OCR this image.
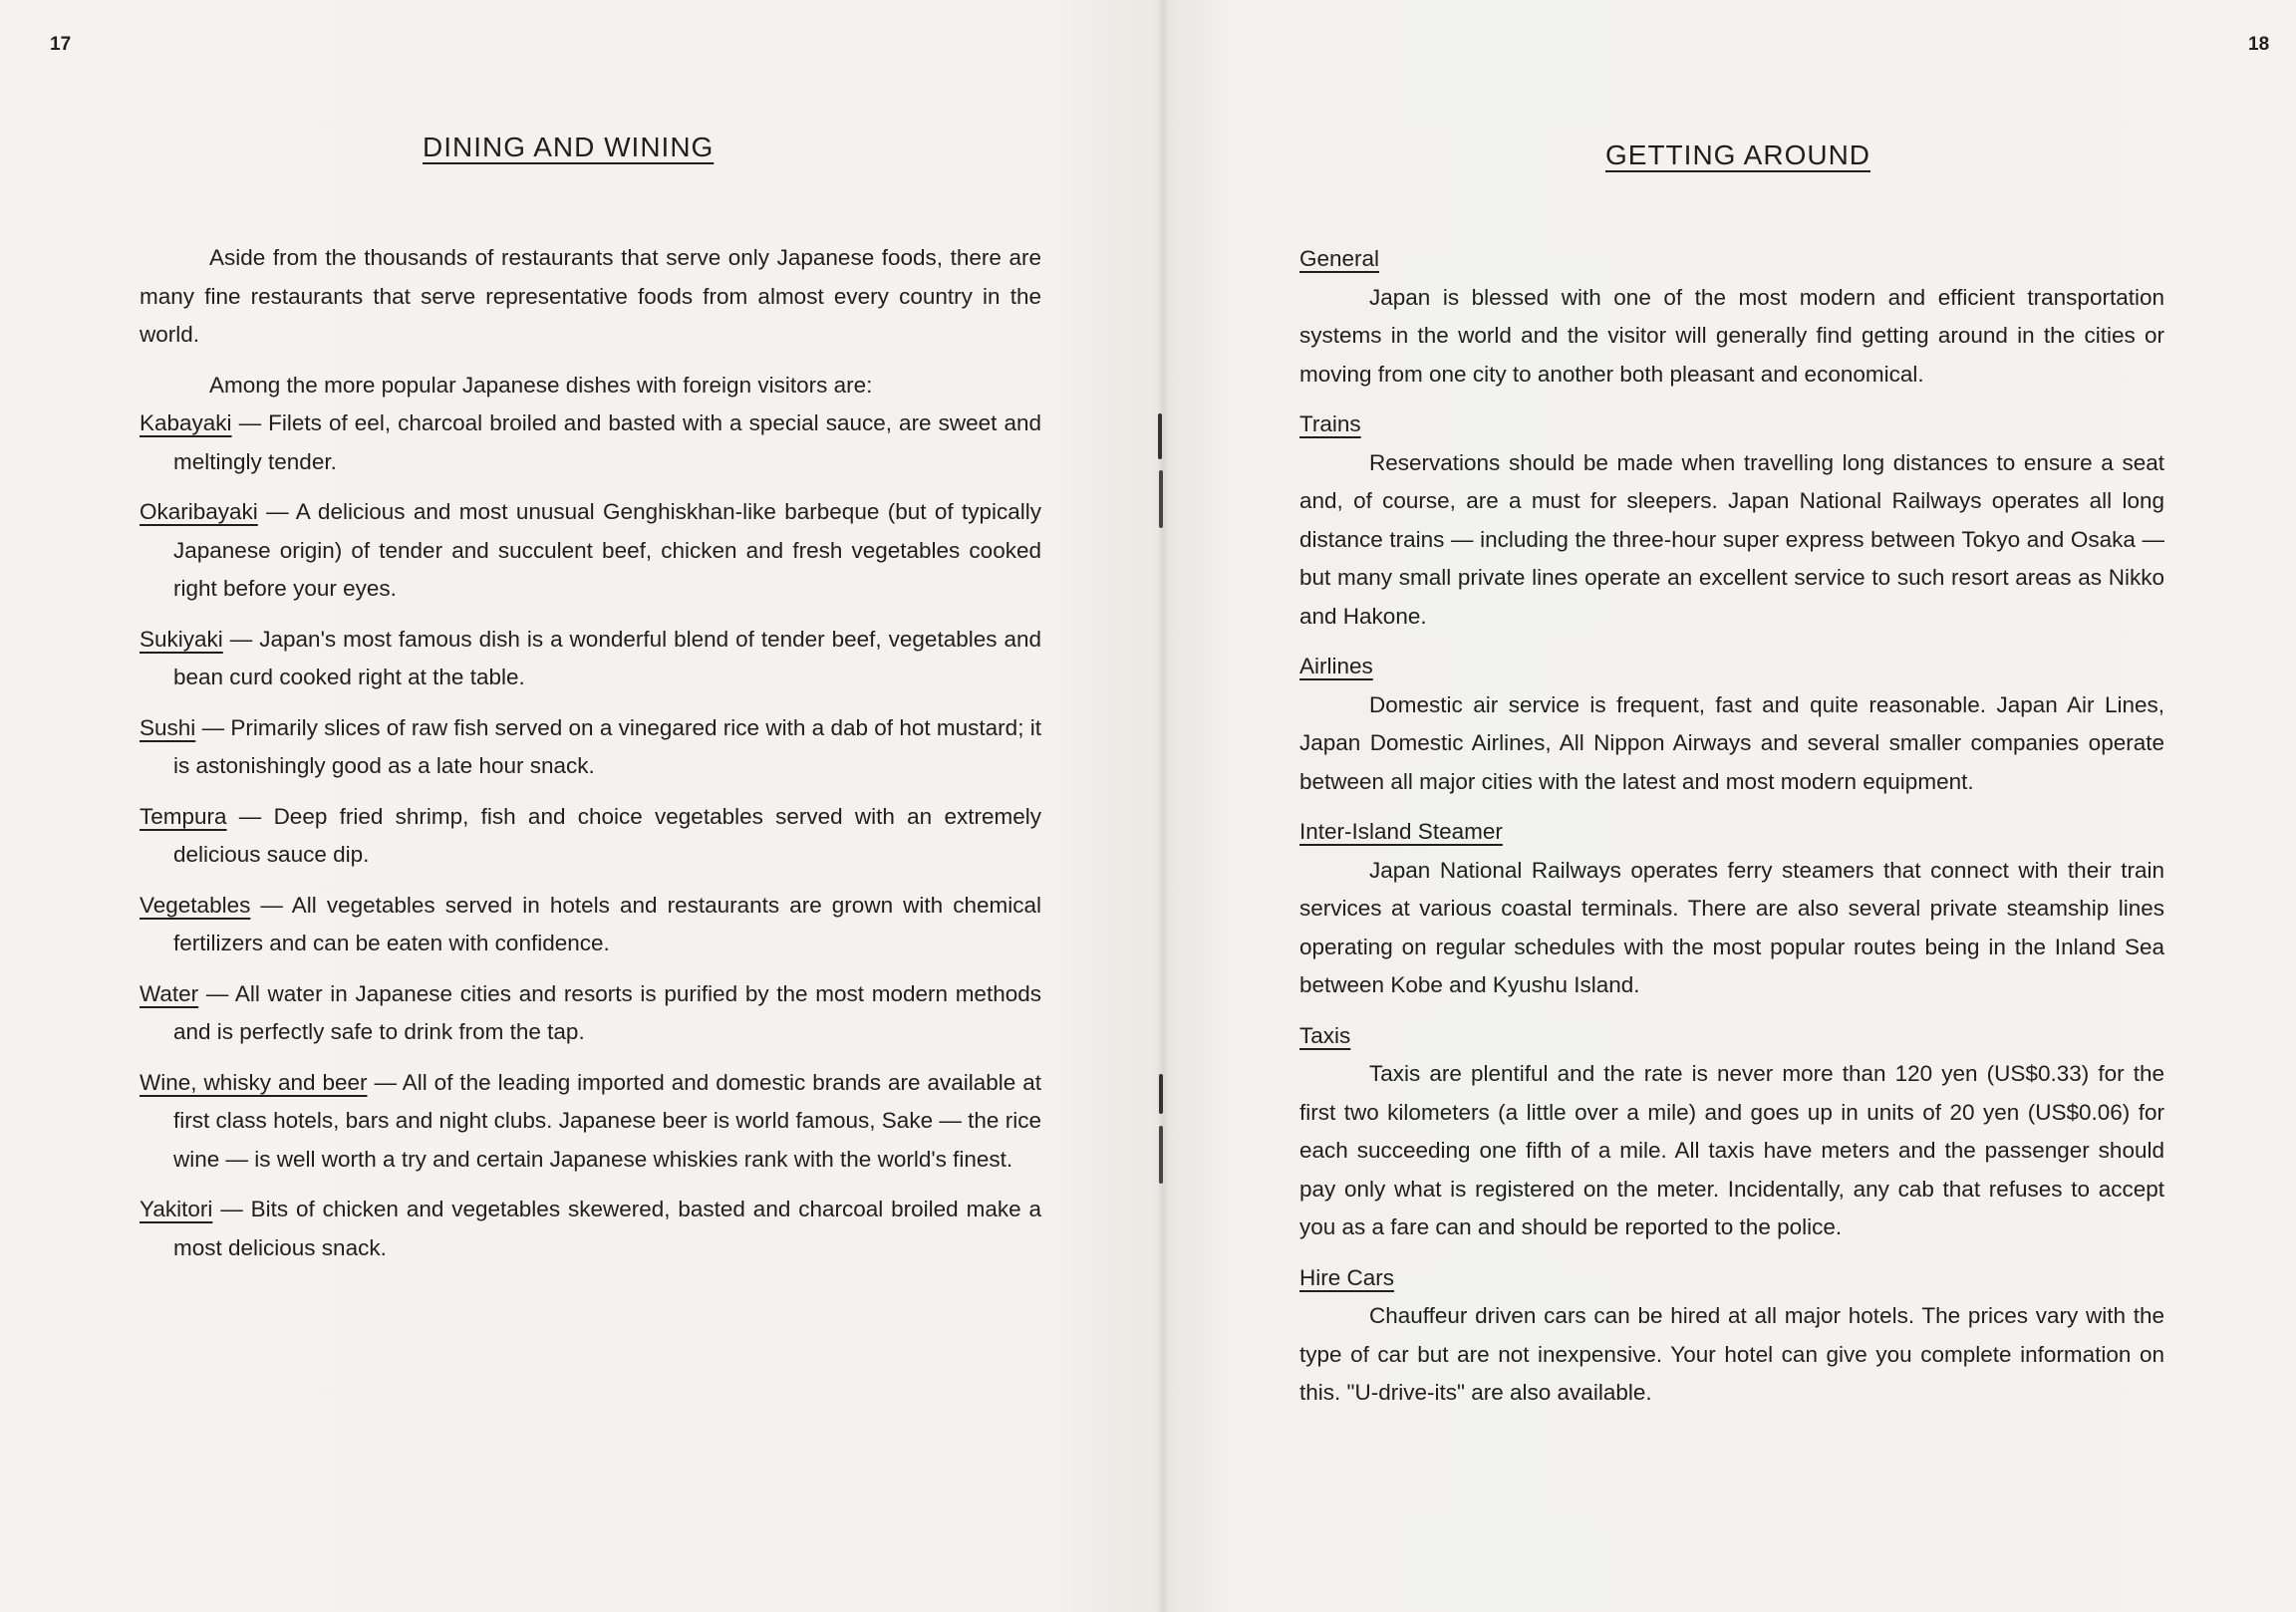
17
DINING AND WINING

Aside from the thousands of restaurants that serve only Japanese foods, there are many fine restaurants that serve representative foods from almost every country in the world.

Among the more popular Japanese dishes with foreign visitors are:

Kabayaki — Filets of eel, charcoal broiled and basted with a special sauce, are sweet and meltingly tender.

Okaribayaki — A delicious and most unusual Genghiskhan-like barbeque (but of typically Japanese origin) of tender and succulent beef, chicken and fresh vegetables cooked right before your eyes.

Sukiyaki — Japan's most famous dish is a wonderful blend of tender beef, vegetables and bean curd cooked right at the table.

Sushi — Primarily slices of raw fish served on a vinegared rice with a dab of hot mustard; it is astonishingly good as a late hour snack.

Tempura — Deep fried shrimp, fish and choice vegetables served with an extremely delicious sauce dip.

Vegetables — All vegetables served in hotels and restaurants are grown with chemical fertilizers and can be eaten with confidence.

Water — All water in Japanese cities and resorts is purified by the most modern methods and is perfectly safe to drink from the tap.

Wine, whisky and beer — All of the leading imported and domestic brands are available at first class hotels, bars and night clubs. Japanese beer is world famous, Sake — the rice wine — is well worth a try and certain Japanese whiskies rank with the world's finest.

Yakitori — Bits of chicken and vegetables skewered, basted and charcoal broiled make a most delicious snack.

18
GETTING AROUND
General

Japan is blessed with one of the most modern and efficient transportation systems in the world and the visitor will generally find getting around in the cities or moving from one city to another both pleasant and economical.

Trains

Reservations should be made when travelling long distances to ensure a seat and, of course, are a must for sleepers. Japan National Railways operates all long distance trains — including the three-hour super express between Tokyo and Osaka — but many small private lines operate an excellent service to such resort areas as Nikko and Hakone.

Airlines

Domestic air service is frequent, fast and quite reasonable. Japan Air Lines, Japan Domestic Airlines, All Nippon Airways and several smaller companies operate between all major cities with the latest and most modern equipment.

Inter-Island Steamer

Japan National Railways operates ferry steamers that connect with their train services at various coastal terminals. There are also several private steamship lines operating on regular schedules with the most popular routes being in the Inland Sea between Kobe and Kyushu Island.

Taxis

Taxis are plentiful and the rate is never more than 120 yen (US$0.33) for the first two kilometers (a little over a mile) and goes up in units of 20 yen (US$0.06) for each succeeding one fifth of a mile. All taxis have meters and the passenger should pay only what is registered on the meter. Incidentally, any cab that refuses to accept you as a fare can and should be reported to the police.

Hire Cars

Chauffeur driven cars can be hired at all major hotels. The prices vary with the type of car but are not inexpensive. Your hotel can give you complete information on this. "U-drive-its" are also available.
